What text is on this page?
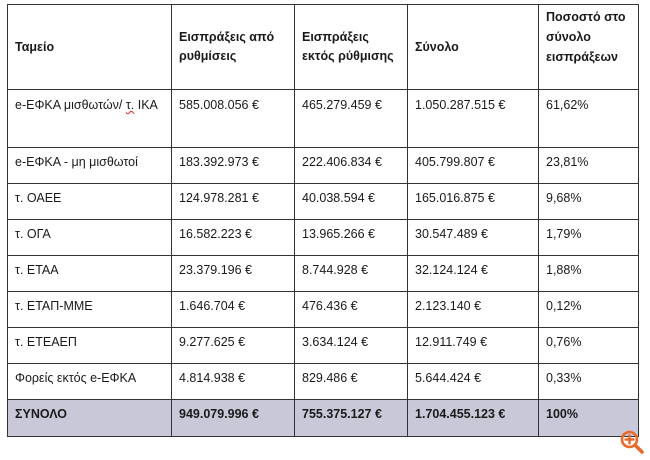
Ταμείο	Εισπράξεις από ρυθμίσεις	Εισπράξεις εκτός ρύθμισης	Σύνολο	Ποσοστό στο σύνολο εισπράξεων
e-ΕΦΚΑ μισθωτών/ τ. ΙΚΑ	585.008.056 €	465.279.459 €	1.050.287.515 €	61,62%
e-ΕΦΚΑ - μη μισθωτοί	183.392.973 €	222.406.834 €	405.799.807 €	23,81%
τ. ΟΑΕΕ	124.978.281 €	40.038.594 €	165.016.875 €	9,68%
τ. ΟΓΑ	16.582.223 €	13.965.266 €	30.547.489 €	1,79%
τ. ΕΤΑΑ	23.379.196 €	8.744.928 €	32.124.124 €	1,88%
τ. ΕΤΑΠ-ΜΜΕ	1.646.704 €	476.436 €	2.123.140 €	0,12%
τ. ΕΤΕΑΕΠ	9.277.625 €	3.634.124 €	12.911.749 €	0,76%
Φορείς εκτός e-ΕΦΚΑ	4.814.938 €	829.486 €	5.644.424 €	0,33%
ΣΥΝΟΛΟ	949.079.996 €	755.375.127 €	1.704.455.123 €	100%
